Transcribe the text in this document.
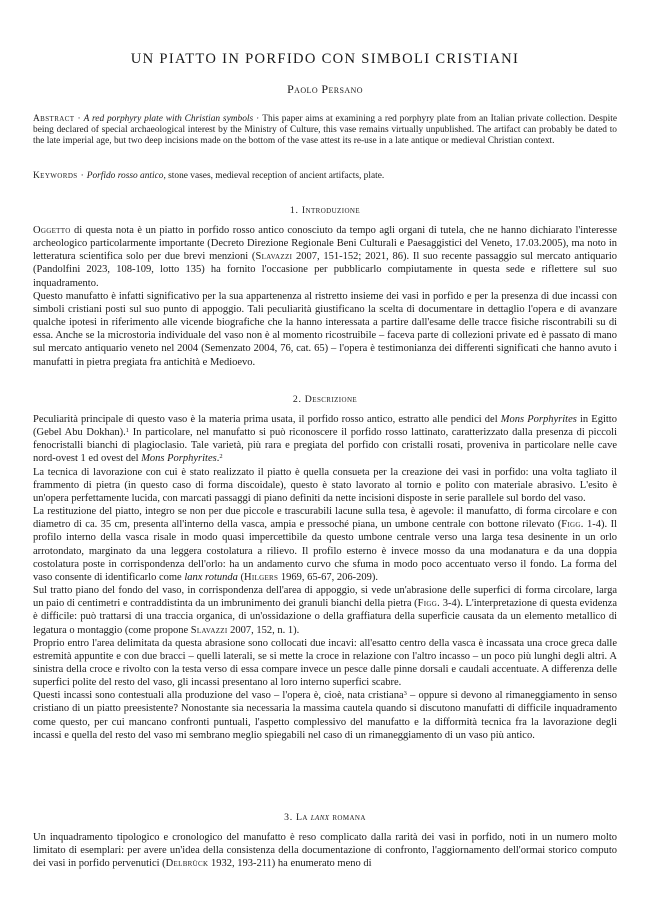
UN PIATTO IN PORFIDO CON SIMBOLI CRISTIANI
Paolo Persano
Abstract · A red porphyry plate with Christian symbols · This paper aims at examining a red porphyry plate from an Italian private collection. Despite being declared of special archaeological interest by the Ministry of Culture, this vase remains virtually unpublished. The artifact can probably be dated to the late imperial age, but two deep incisions made on the bottom of the vase attest its re-use in a late antique or medieval Christian context.
Keywords · Porfido rosso antico, stone vases, medieval reception of ancient artifacts, plate.
1. Introduzione

Oggetto di questa nota è un piatto in porfido rosso antico conosciuto da tempo agli organi di tutela, che ne hanno dichiarato l'interesse archeologico particolarmente importante (Decreto Direzione Regionale Beni Culturali e Paesaggistici del Veneto, 17.03.2005), ma noto in letteratura scientifica solo per due brevi menzioni (Slavazzi 2007, 151-152; 2021, 86). Il suo recente passaggio sul mercato antiquario (Pandolfini 2023, 108-109, lotto 135) ha fornito l'occasione per pubblicarlo compiutamente in questa sede e riflettere sul suo inquadramento.

Questo manufatto è infatti significativo per la sua appartenenza al ristretto insieme dei vasi in porfido e per la presenza di due incassi con simboli cristiani posti sul suo punto di appoggio. Tali peculiarità giustificano la scelta di documentare in dettaglio l'opera e di avanzare qualche ipotesi in riferimento alle vicende biografiche che la hanno interessata a partire dall'esame delle tracce fisiche riscontrabili su di essa. Anche se la microstoria individuale del vaso non è al momento ricostruibile – faceva parte di collezioni private ed è passato di mano sul mercato antiquario veneto nel 2004 (Semenzato 2004, 76, cat. 65) – l'opera è testimonianza dei differenti significati che hanno avuto i manufatti in pietra pregiata fra antichità e Medioevo.

2. Descrizione

Peculiarità principale di questo vaso è la materia prima usata, il porfido rosso antico, estratto alle pendici del Mons Porphyrites in Egitto (Gebel Abu Dokhan).$^1$ In particolare, nel manufatto si può riconoscere il porfido rosso lattinato, caratterizzato dalla presenza di piccoli fenocristalli bianchi di plagioclasio. Tale varietà, più rara e pregiata del porfido con cristalli rosati, proveniva in particolare nelle cave nord-ovest 1 ed ovest del Mons Porphyrites.$^2$

La tecnica di lavorazione con cui è stato realizzato il piatto è quella consueta per la creazione dei vasi in porfido: una volta tagliato il frammento di pietra (in questo caso di forma discoidale), questo è stato lavorato al tornio e polito con materiale abrasivo. L'esito è un'opera perfettamente lucida, con marcati passaggi di piano definiti da nette incisioni disposte in serie parallele sul bordo del vaso.

La restituzione del piatto, integro se non per due piccole e trascurabili lacune sulla tesa, è agevole: il manufatto, di forma circolare e con diametro di ca. 35 cm, presenta all'interno della vasca, ampia e pressoché piana, un umbone centrale con bottone rilevato (Figg. 1-4). Il profilo interno della vasca risale in modo quasi impercettibile da questo umbone centrale verso una larga tesa desinente in un orlo arrotondato, marginato da una leggera costolatura a rilievo. Il profilo esterno è invece mosso da una modanatura e da una doppia costolatura poste in corrispondenza dell'orlo: ha un andamento curvo che sfuma in modo poco accentuato verso il fondo. La forma del vaso consente di identificarlo come lanx rotunda (Hilgers 1969, 65-67, 206-209).

Sul tratto piano del fondo del vaso, in corrispondenza dell'area di appoggio, si vede un'abrasione delle superfici di forma circolare, larga un paio di centimetri e contraddistinta da un imbrunimento dei granuli bianchi della pietra (Figg. 3-4). L'interpretazione di questa evidenza è difficile: può trattarsi di una traccia organica, di un'ossidazione o della graffiatura della superficie causata da un elemento metallico di legatura o montaggio (come propone Slavazzi 2007, 152, n. 1).

Proprio entro l'area delimitata da questa abrasione sono collocati due incavi: all'esatto centro della vasca è incassata una croce greca dalle estremità appuntite e con due bracci – quelli laterali, se si mette la croce in relazione con l'altro incasso – un poco più lunghi degli altri. A sinistra della croce e rivolto con la testa verso di essa compare invece un pesce dalle pinne dorsali e caudali accentuate. A differenza delle superfici polite del resto del vaso, gli incassi presentano al loro interno superfici scabre.

Questi incassi sono contestuali alla produzione del vaso – l'opera è, cioè, nata cristiana$^3$ – oppure si devono al rimaneggiamento in senso cristiano di un piatto preesistente? Nonostante sia necessaria la massima cautela quando si discutono manufatti di difficile inquadramento come questo, per cui mancano confronti puntuali, l'aspetto complessivo del manufatto e la difformità tecnica fra la lavorazione degli incassi e quella del resto del vaso mi sembrano meglio spiegabili nel caso di un rimaneggiamento di un vaso più antico.

3. La lanx romana

Un inquadramento tipologico e cronologico del manufatto è reso complicato dalla rarità dei vasi in porfido, noti in un numero molto limitato di esemplari: per avere un'idea della consistenza della documentazione di confronto, l'aggiornamento dell'ormai storico computo dei vasi in porfido pervenutici (Delbrück 1932, 193-211) ha enumerato meno di
